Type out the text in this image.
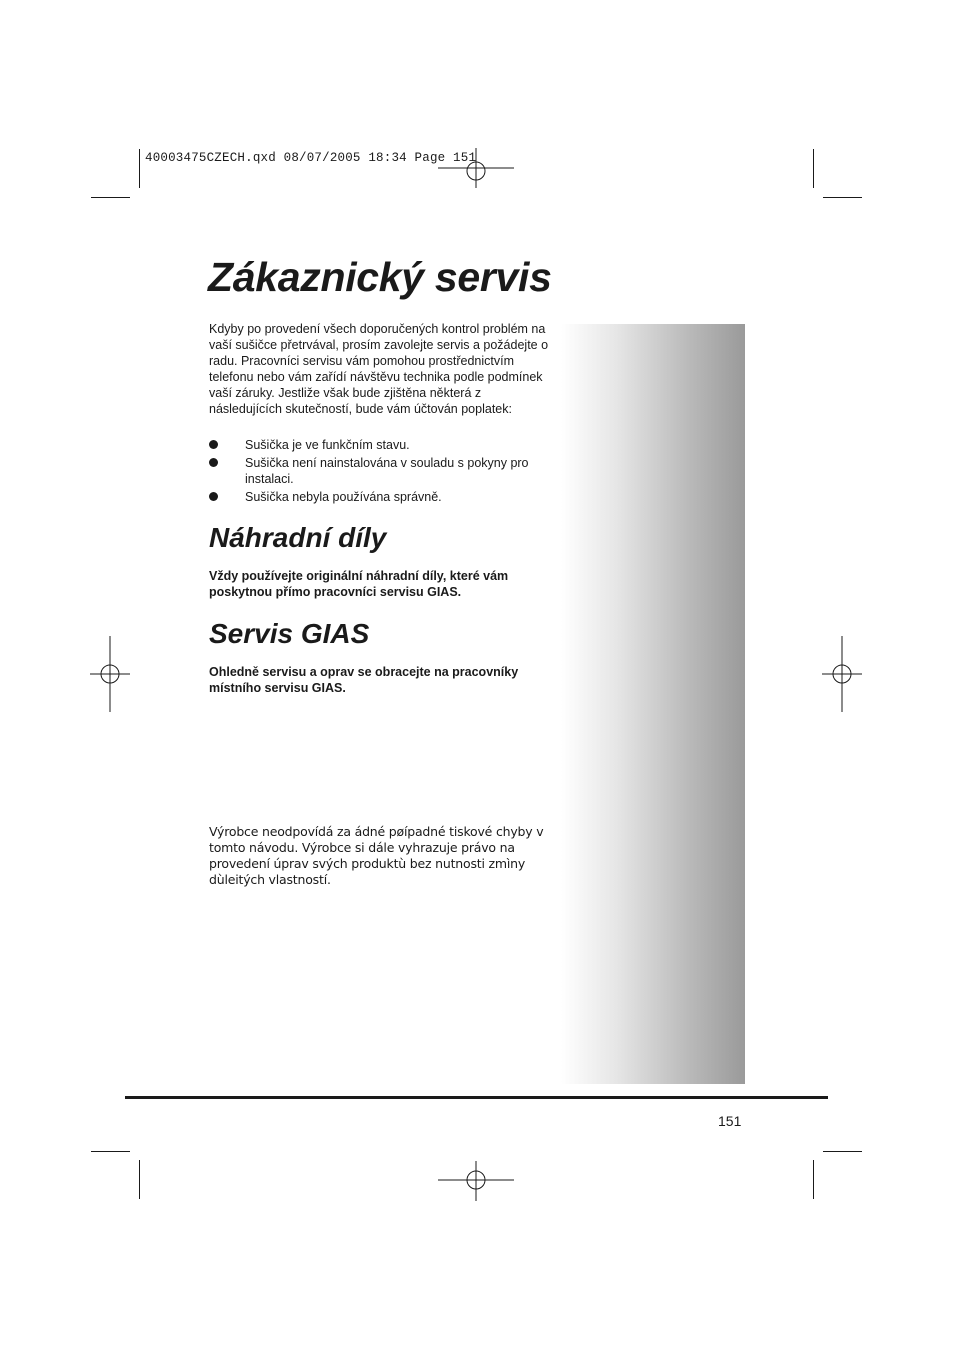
40003475CZECH.qxd 08/07/2005 18:34 Page 151
Zákaznický servis

Kdyby po provedení všech doporučených kontrol problém na vaší sušičce přetrvával, prosím zavolejte servis a požádejte o radu. Pracovníci servisu vám pomohou prostřednictvím telefonu nebo vám zařídí návštěvu technika podle podmínek vaší záruky. Jestliže však bude zjištěna některá z následujících skutečností, bude vám účtován poplatek:

Sušička je ve funkčním stavu.
Sušička není nainstalována v souladu s pokyny pro instalaci.
Sušička nebyla používána správně.
Náhradní díly

Vždy používejte originální náhradní díly, které vám poskytnou přímo pracovníci servisu GIAS.

Servis GIAS

Ohledně servisu a oprav se obracejte na pracovníky místního servisu GIAS.

Výrobce neodpovídá za ádné pøípadné tiskové chyby v tomto návodu. Výrobce si dále vyhrazuje právo na provedení úprav svých produktù bez nutnosti zmìny dùleitých vlastností.

151
